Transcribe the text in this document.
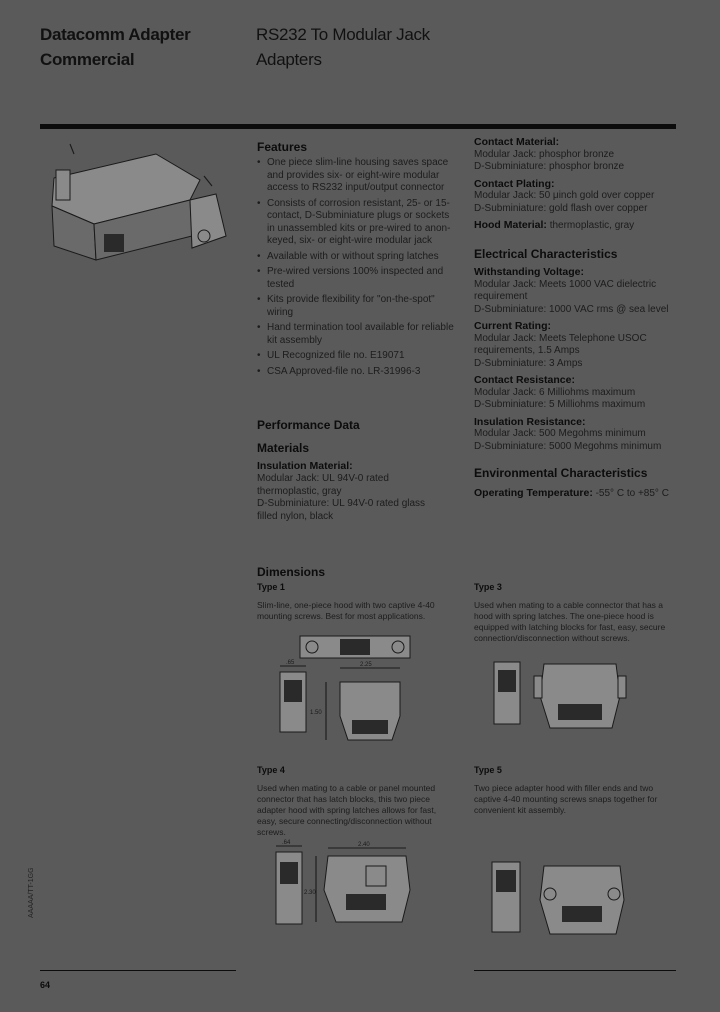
Datacomm Adapter
Commercial
RS232 To Modular Jack
Adapters
Features
• One piece slim-line housing saves space and provides six- or eight-wire modular access to RS232 input/output connector
• Consists of corrosion resistant, 25- or 15-contact, D-Subminiature plugs or sockets in unassembled kits or pre-wired to anon-keyed, six- or eight-wire modular jack
• Available with or without spring latches
• Pre-wired versions 100% inspected and tested
• Kits provide flexibility for "on-the-spot" wiring
• Hand termination tool available for reliable kit assembly
• UL Recognized file no. E19071
• CSA Approved-file no. LR-31996-3
Performance Data
Materials
Insulation Material:

Modular Jack: UL 94V-0 rated thermoplastic, gray

D-Subminiature: UL 94V-0 rated glass filled nylon, black

Contact Material:

Modular Jack: phosphor bronze

D-Subminiature: phosphor bronze

Contact Plating:

Modular Jack: 50 μinch gold over copper

D-Subminiature: gold flash over copper

Hood Material: thermoplastic, gray

Electrical Characteristics
Withstanding Voltage:

Modular Jack: Meets 1000 VAC dielectric requirement

D-Subminiature: 1000 VAC rms @ sea level

Current Rating:

Modular Jack: Meets Telephone USOC requirements, 1.5 Amps

D-Subminiature: 3 Amps

Contact Resistance:

Modular Jack: 6 Milliohms maximum

D-Subminiature: 5 Milliohms maximum

Insulation Resistance:

Modular Jack: 500 Megohms minimum

D-Subminiature: 5000 Megohms minimum

Environmental Characteristics

Operating Temperature: -55° C to +85° C

Dimensions
Type 1
Slim-line, one-piece hood with two captive 4-40 mounting screws. Best for most applications.
.65	2.25
1.50
Type 3
Used when mating to a cable connector that has a hood with spring latches. The one-piece hood is equipped with latching blocks for fast, easy, secure connection/disconnection without screws.
Type 4
Used when mating to a cable or panel mounted connector that has latch blocks, this two piece adapter hood with spring latches allows for fast, easy, secure connecting/disconnection without screws.
.64	2.40
2.30
Type 5
Two piece adapter hood with filler ends and two captive 4-40 mounting screws snaps together for convenient kit assembly.
AAAAA/TT-1GG
64
